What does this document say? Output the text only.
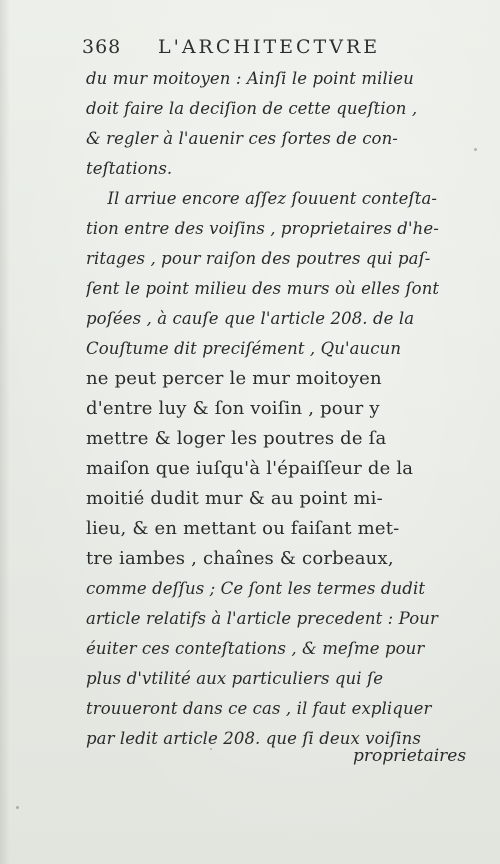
368 L'ARCHITECTVRE
du mur moitoyen : Ainſi le point milieu
doit faire la deciſion de cette queſtion ,
& regler à l'auenir ces ſortes de con-
teſtations.
Il arriue encore aſſez ſouuent conteſta-
tion entre des voiſins , proprietaires d'he-
ritages , pour raiſon des poutres qui paſ-
ſent le point milieu des murs où elles ſont
poſées , à cauſe que l'article 208. de la
Couſtume dit preciſément , Qu'aucun
ne peut percer le mur moitoyen
d'entre luy & ſon voiſin , pour y
mettre & loger les poutres de ſa
maiſon que iuſqu'à l'épaiſſeur de la
moitié dudit mur & au point mi-
lieu, & en mettant ou faiſant met-
tre iambes , chaînes & corbeaux,
comme deſſus ; Ce ſont les termes dudit
article relatifs à l'article precedent : Pour
éuiter ces conteſtations , & meſme pour
plus d'vtilité aux particuliers qui ſe
trouueront dans ce cas , il faut expliquer
par ledit article 208. que ſi deux voiſins
proprietaires
